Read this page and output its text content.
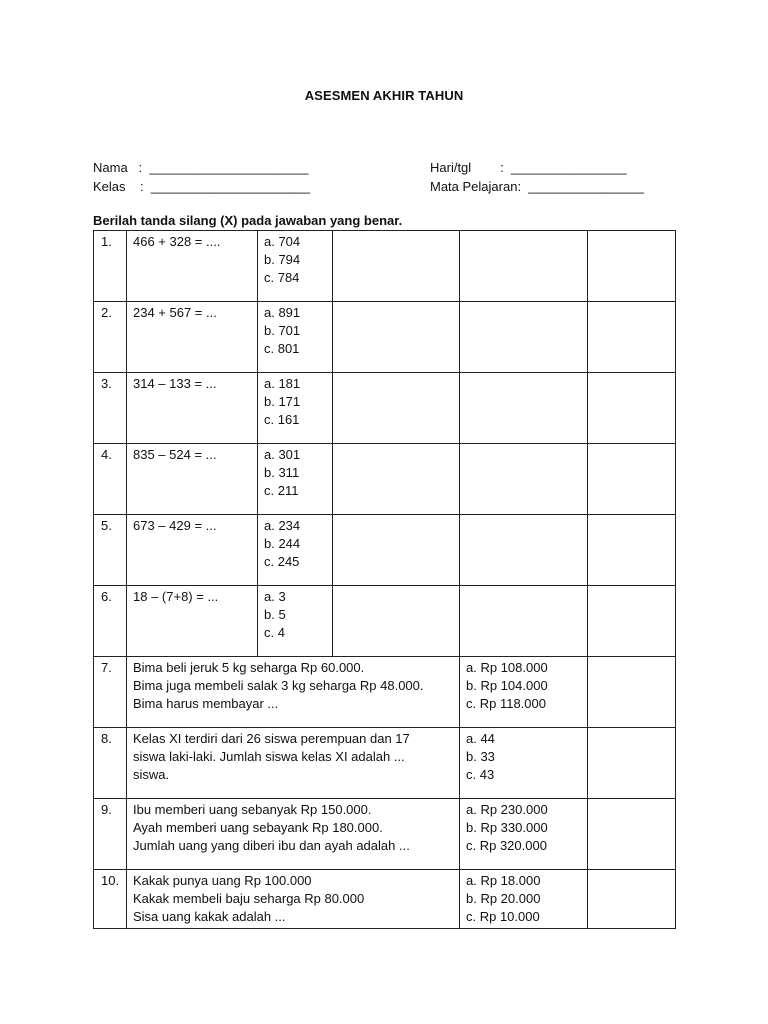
ASESMEN AKHIR TAHUN
Nama   :  ______________________
Kelas    :  ______________________
Hari/tgl        :  ________________
Mata Pelajaran:  ________________
Berilah tanda silang (X) pada jawaban yang benar.
1.	466 + 328 = ....	a. 704
b. 794
c. 784			

2.	234 + 567 = ...	a. 891
b. 701
c. 801			

3.	314 – 133 = ...	a. 181
b. 171
c. 161			

4.	835 – 524 = ...	a. 301
b. 311
c. 211			

5.	673 – 429 = ...	a. 234
b. 244
c. 245			

6.	18 – (7+8) = ...	a. 3
b. 5
c. 4			

7.	Bima beli jeruk 5 kg seharga Rp 60.000.
Bima juga membeli salak 3 kg seharga Rp 48.000.
Bima harus membayar ...			a. Rp 108.000
b. Rp 104.000
c. Rp 118.000	

8.	Kelas XI terdiri dari 26 siswa perempuan dan 17
siswa laki-laki. Jumlah siswa kelas XI adalah ...
siswa.			a. 44
b. 33
c. 43	

9.	Ibu memberi uang sebanyak Rp 150.000.
Ayah memberi uang sebayank Rp 180.000.
Jumlah uang yang diberi ibu dan ayah adalah ...			a. Rp 230.000
b. Rp 330.000
c. Rp 320.000	

10.	Kakak punya uang Rp 100.000
Kakak membeli baju seharga Rp 80.000
Sisa uang kakak adalah ...			a. Rp 18.000
b. Rp 20.000
c. Rp 10.000	
